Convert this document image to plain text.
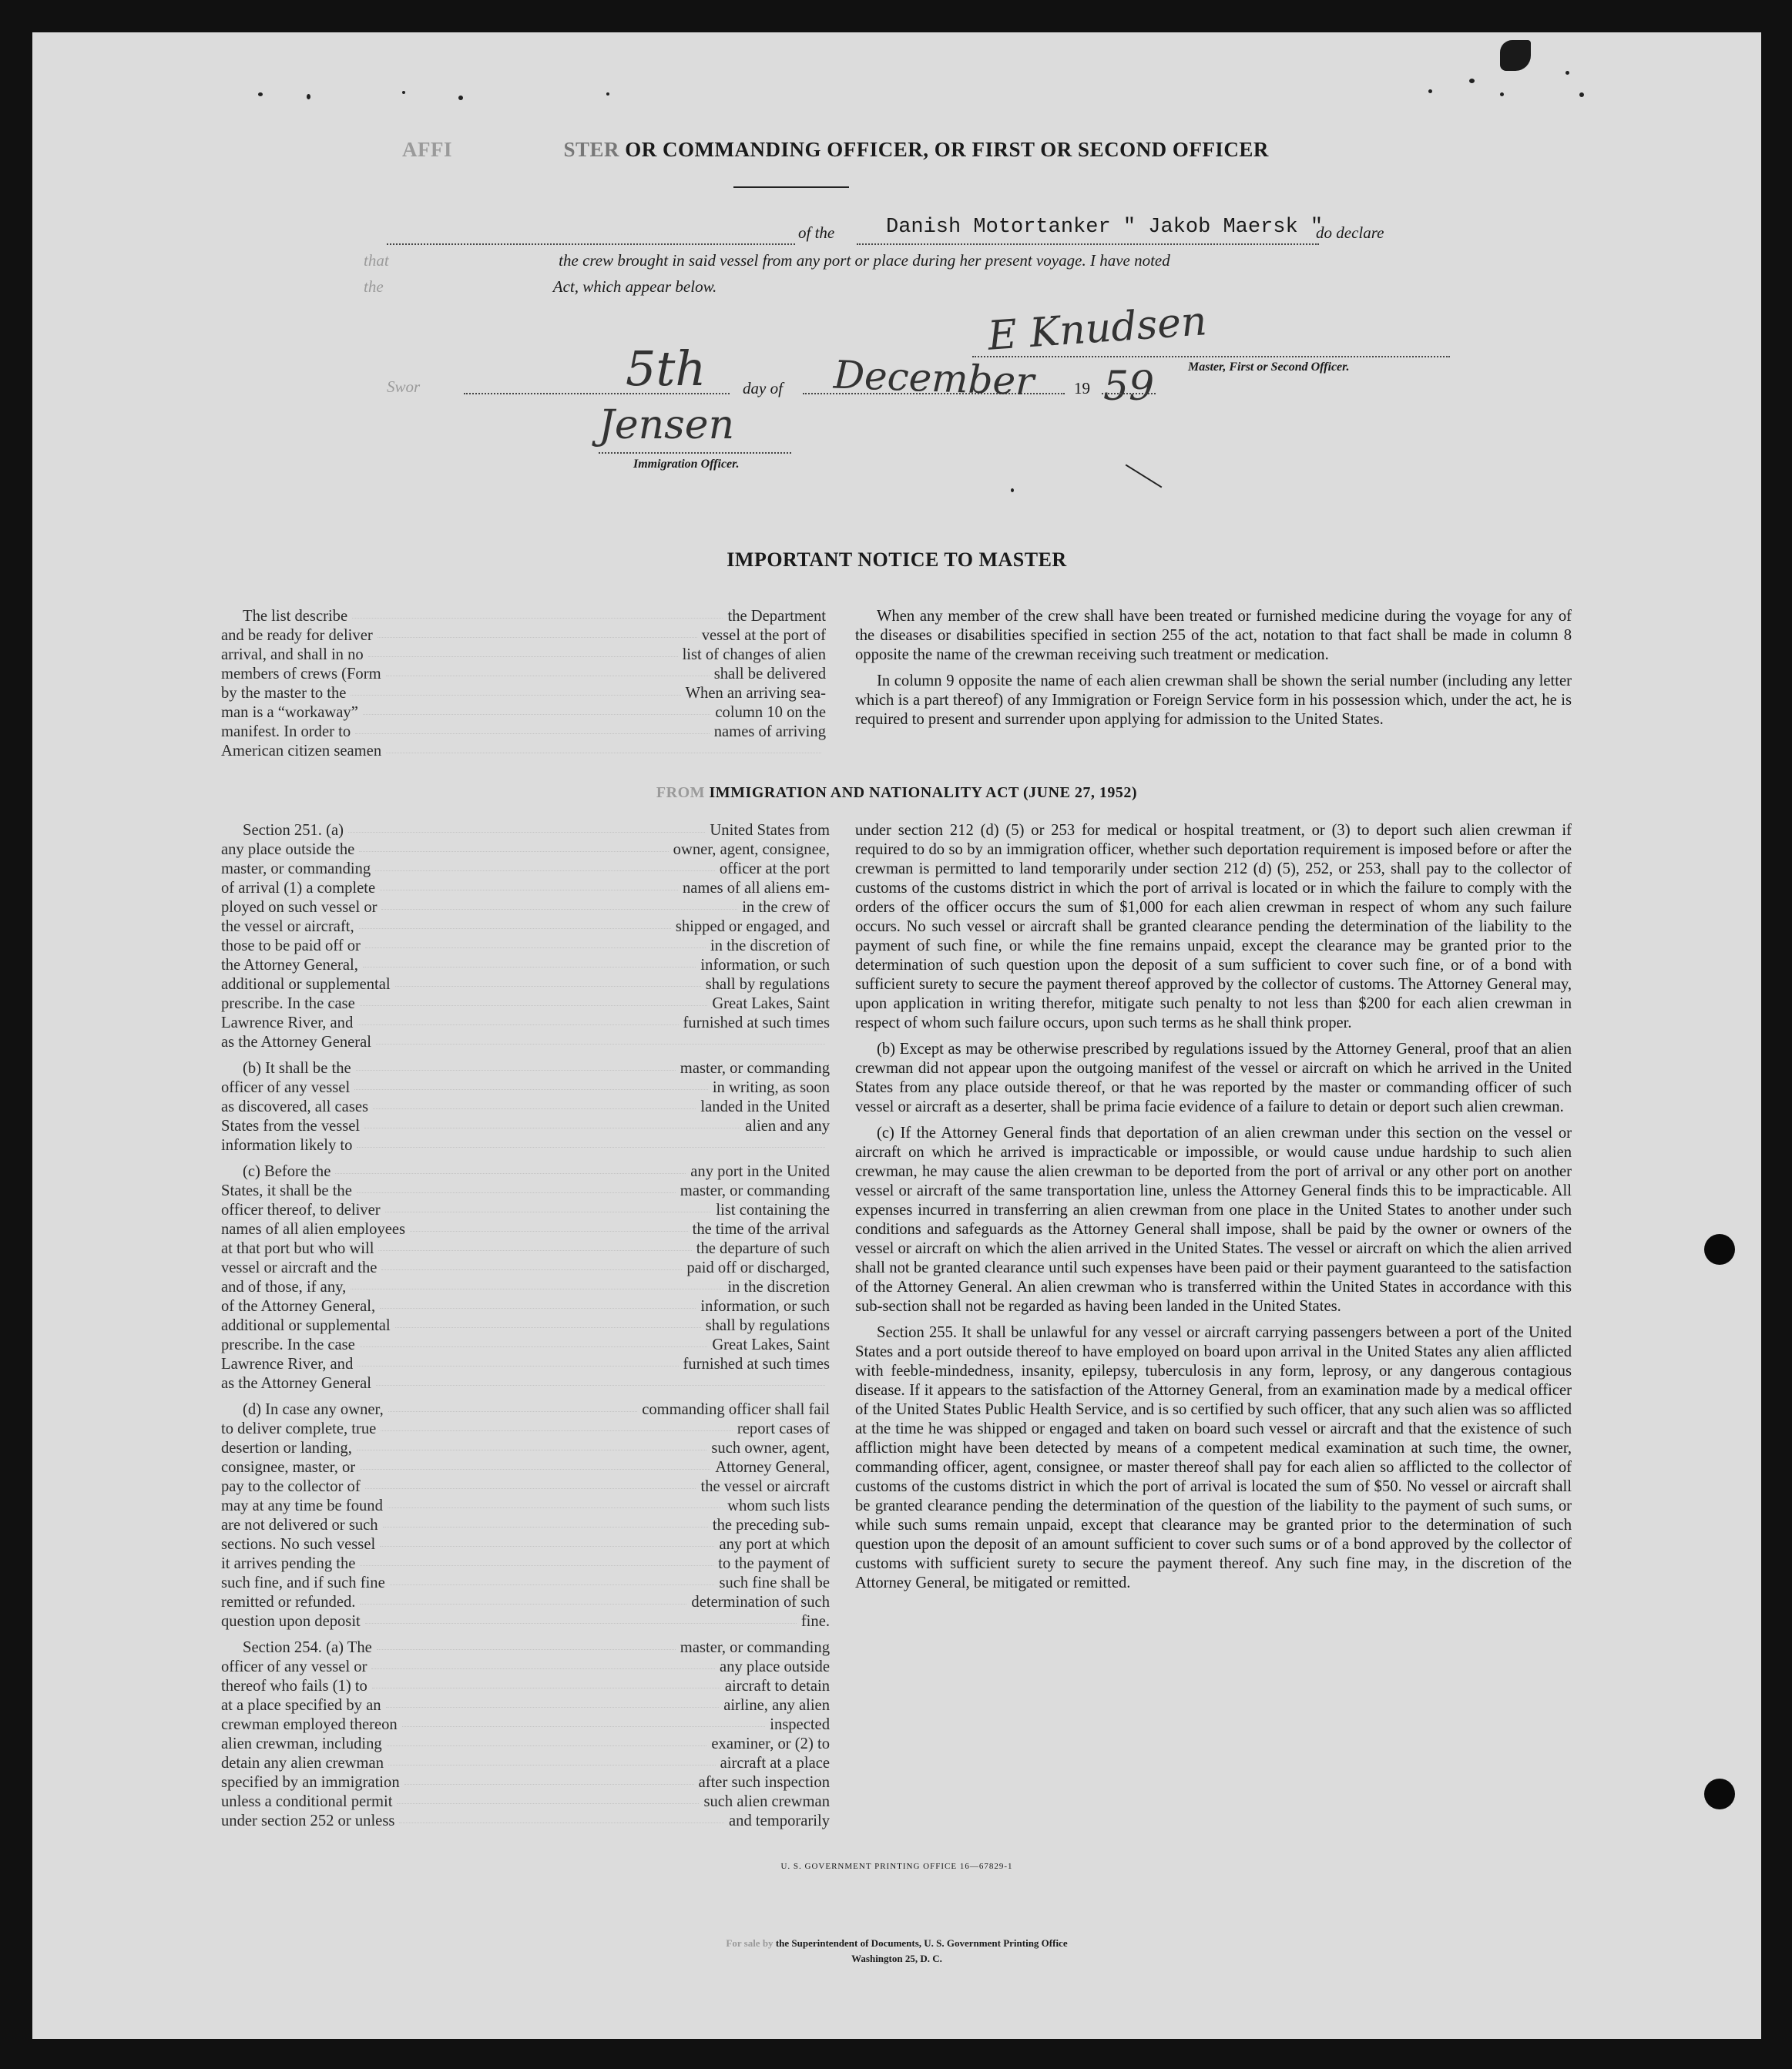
AFFI	STER OR COMMANDING OFFICER, OR FIRST OR SECOND OFFICER
of the Danish Motortanker " Jakob Maersk "
do declare
that	the crew brought in said vessel from any port or place during her present voyage. I have noted
the	Act, which appear below.
E Knudsen
Master, First or Second Officer.
Swor	5th day of December 19 59
Jensen
Immigration Officer.
IMPORTANT NOTICE TO MASTER
The list describe	the Department
and be ready for deliver	vessel at the port of
arrival, and shall in no	list of changes of alien
members of crews (Form	shall be delivered
by the master to the	When an arriving sea-
man is a “workaway”	column 10 on the
manifest. In order to	names of arriving
American citizen seamen

When any member of the crew shall have been treated or furnished medicine during the voyage for any of the diseases or disabilities specified in section 255 of the act, notation to that fact shall be made in column 8 opposite the name of the crewman receiving such treatment or medication.

In column 9 opposite the name of each alien crewman shall be shown the serial number (including any letter which is a part thereof) of any Immigration or Foreign Service form in his possession which, under the act, he is required to present and surrender upon applying for admission to the United States.

FROM IMMIGRATION AND NATIONALITY ACT (JUNE 27, 1952)
Section 251. (a)	United States from
any place outside the	owner, agent, consignee,
master, or commanding	officer at the port
of arrival (1) a complete	names of all aliens em-
ployed on such vessel or	in the crew of
the vessel or aircraft,	shipped or engaged, and
those to be paid off or	in the discretion of
the Attorney General,	information, or such
additional or supplemental	shall by regulations
prescribe. In the case	Great Lakes, Saint
Lawrence River, and	furnished at such times
as the Attorney General
(b) It shall be the	master, or commanding
officer of any vessel	in writing, as soon
as discovered, all cases	landed in the United
States from the vessel	alien and any
information likely to
(c) Before the	any port in the United
States, it shall be the	master, or commanding
officer thereof, to deliver	list containing the
names of all alien employees	the time of the arrival
at that port but who will	the departure of such
vessel or aircraft and the	paid off or discharged,
and of those, if any,	in the discretion
of the Attorney General,	information, or such
additional or supplemental	shall by regulations
prescribe. In the case	Great Lakes, Saint
Lawrence River, and	furnished at such times
as the Attorney General
(d) In case any owner,	commanding officer shall fail
to deliver complete, true	report cases of
desertion or landing,	such owner, agent,
consignee, master, or	Attorney General,
pay to the collector of	the vessel or aircraft
may at any time be found	whom such lists
are not delivered or such	the preceding sub-
sections. No such vessel	any port at which
it arrives pending the	to the payment of
such fine, and if such fine	such fine shall be
remitted or refunded.	determination of such
question upon deposit	fine.
Section 254. (a) The	master, or commanding
officer of any vessel or	any place outside
thereof who fails (1) to	aircraft to detain
at a place specified by an	airline, any alien
crewman employed thereon	inspected
alien crewman, including	examiner, or (2) to
detain any alien crewman	aircraft at a place
specified by an immigration	after such inspection
unless a conditional permit	such alien crewman
under section 252 or unless	and temporarily

under section 212 (d) (5) or 253 for medical or hospital treatment, or (3) to deport such alien crewman if required to do so by an immigration officer, whether such deportation requirement is imposed before or after the crewman is permitted to land temporarily under section 212 (d) (5), 252, or 253, shall pay to the collector of customs of the customs district in which the port of arrival is located or in which the failure to comply with the orders of the officer occurs the sum of $1,000 for each alien crewman in respect of whom any such failure occurs. No such vessel or aircraft shall be granted clearance pending the determination of the liability to the payment of such fine, or while the fine remains unpaid, except the clearance may be granted prior to the determination of such question upon the deposit of a sum sufficient to cover such fine, or of a bond with sufficient surety to secure the payment thereof approved by the collector of customs. The Attorney General may, upon application in writing therefor, mitigate such penalty to not less than $200 for each alien crewman in respect of whom such failure occurs, upon such terms as he shall think proper.

(b) Except as may be otherwise prescribed by regulations issued by the Attorney General, proof that an alien crewman did not appear upon the outgoing manifest of the vessel or aircraft on which he arrived in the United States from any place outside thereof, or that he was reported by the master or commanding officer of such vessel or aircraft as a deserter, shall be prima facie evidence of a failure to detain or deport such alien crewman.

(c) If the Attorney General finds that deportation of an alien crewman under this section on the vessel or aircraft on which he arrived is impracticable or impossible, or would cause undue hardship to such alien crewman, he may cause the alien crewman to be deported from the port of arrival or any other port on another vessel or aircraft of the same transportation line, unless the Attorney General finds this to be impracticable. All expenses incurred in transferring an alien crewman from one place in the United States to another under such conditions and safeguards as the Attorney General shall impose, shall be paid by the owner or owners of the vessel or aircraft on which the alien arrived in the United States. The vessel or aircraft on which the alien arrived shall not be granted clearance until such expenses have been paid or their payment guaranteed to the satisfaction of the Attorney General. An alien crewman who is transferred within the United States in accordance with this sub-section shall not be regarded as having been landed in the United States.

Section 255. It shall be unlawful for any vessel or aircraft carrying passengers between a port of the United States and a port outside thereof to have employed on board upon arrival in the United States any alien afflicted with feeble-mindedness, insanity, epilepsy, tuberculosis in any form, leprosy, or any dangerous contagious disease. If it appears to the satisfaction of the Attorney General, from an examination made by a medical officer of the United States Public Health Service, and is so certified by such officer, that any such alien was so afflicted at the time he was shipped or engaged and taken on board such vessel or aircraft and that the existence of such affliction might have been detected by means of a competent medical examination at such time, the owner, commanding officer, agent, consignee, or master thereof shall pay for each alien so afflicted to the collector of customs of the customs district in which the port of arrival is located the sum of $50. No vessel or aircraft shall be granted clearance pending the determination of the question of the liability to the payment of such sums, or while such sums remain unpaid, except that clearance may be granted prior to the determination of such question upon the deposit of an amount sufficient to cover such sums or of a bond approved by the collector of customs with sufficient surety to secure the payment thereof. Any such fine may, in the discretion of the Attorney General, be mitigated or remitted.

U. S. GOVERNMENT PRINTING OFFICE 16—67829-1
For sale by the Superintendent of Documents, U. S. Government Printing Office
Washington 25, D. C.
